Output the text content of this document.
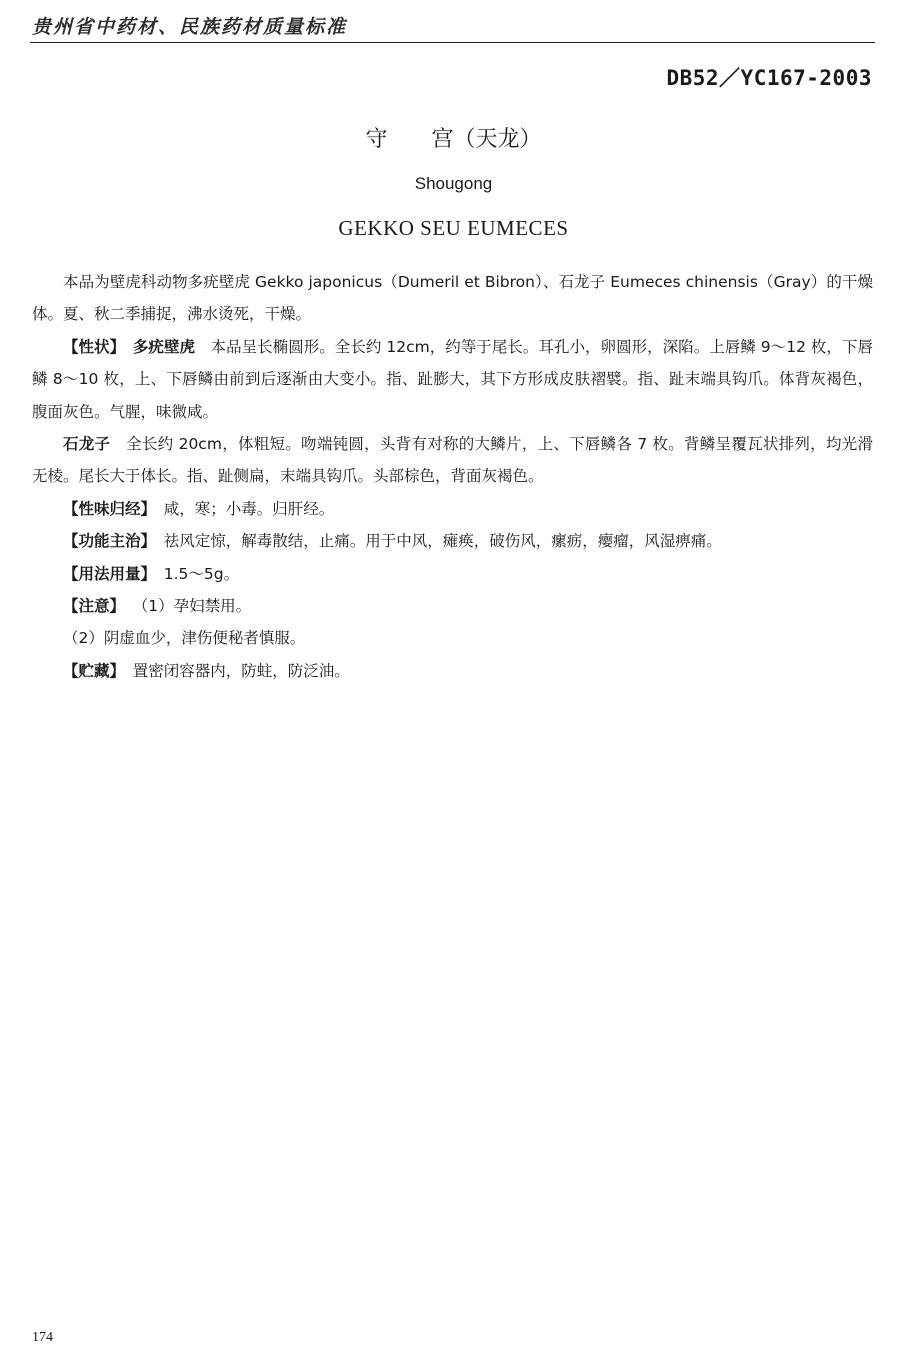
贵州省中药材、民族药材质量标准
DB52／YC167-2003
守　　宫（天龙）
Shougong
GEKKO SEU EUMECES

本品为壁虎科动物多疣壁虎 Gekko japonicus（Dumeril et Bibron）、石龙子 Eumeces chinensis（Gray）的干燥体。夏、秋二季捕捉，沸水烫死，干燥。

【性状】  多疣壁虎  本品呈长椭圆形。全长约 12cm，约等于尾长。耳孔小，卵圆形，深陷。上唇鳞 9～12 枚，下唇鳞 8～10 枚，上、下唇鳞由前到后逐渐由大变小。指、趾膨大，其下方形成皮肤褶襞。指、趾末端具钩爪。体背灰褐色，腹面灰色。气腥，味微咸。

石龙子  全长约 20cm，体粗短。吻端钝圆，头背有对称的大鳞片，上、下唇鳞各 7 枚。背鳞呈覆瓦状排列，均光滑无棱。尾长大于体长。指、趾侧扁，末端具钩爪。头部棕色，背面灰褐色。

【性味归经】  咸，寒；小毒。归肝经。

【功能主治】  祛风定惊，解毒散结，止痛。用于中风，瘫痪，破伤风，瘰疬，瘿瘤，风湿痹痛。

【用法用量】  1.5～5g。

【注意】  （1）孕妇禁用。

（2）阴虚血少，津伤便秘者慎服。

【贮藏】  置密闭容器内，防蛀，防泛油。

174
